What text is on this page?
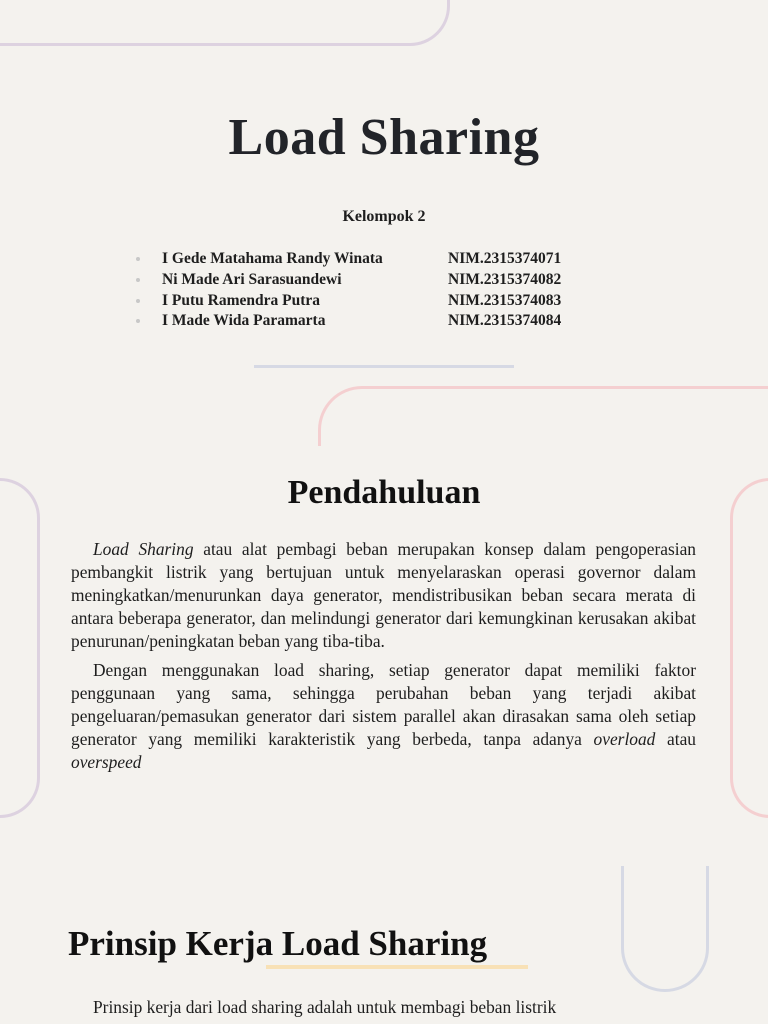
Load Sharing
Kelompok 2
I Gede Matahama Randy Winata	NIM.2315374071
Ni Made Ari Sarasuandewi	NIM.2315374082
I Putu Ramendra Putra	NIM.2315374083
I Made Wida Paramarta	NIM.2315374084
Pendahuluan

Load Sharing atau alat pembagi beban merupakan konsep dalam pengoperasian pembangkit listrik yang bertujuan untuk menyelaraskan operasi governor dalam meningkatkan/menurunkan daya generator, mendistribusikan beban secara merata di antara beberapa generator, dan melindungi generator dari kemungkinan kerusakan akibat penurunan/peningkatan beban yang tiba-tiba.

Dengan menggunakan load sharing, setiap generator dapat memiliki faktor penggunaan yang sama, sehingga perubahan beban yang terjadi akibat pengeluaran/pemasukan generator dari sistem parallel akan dirasakan sama oleh setiap generator yang memiliki karakteristik yang berbeda, tanpa adanya overload atau overspeed

Prinsip Kerja Load Sharing

Prinsip kerja dari load sharing adalah untuk membagi beban listrik
